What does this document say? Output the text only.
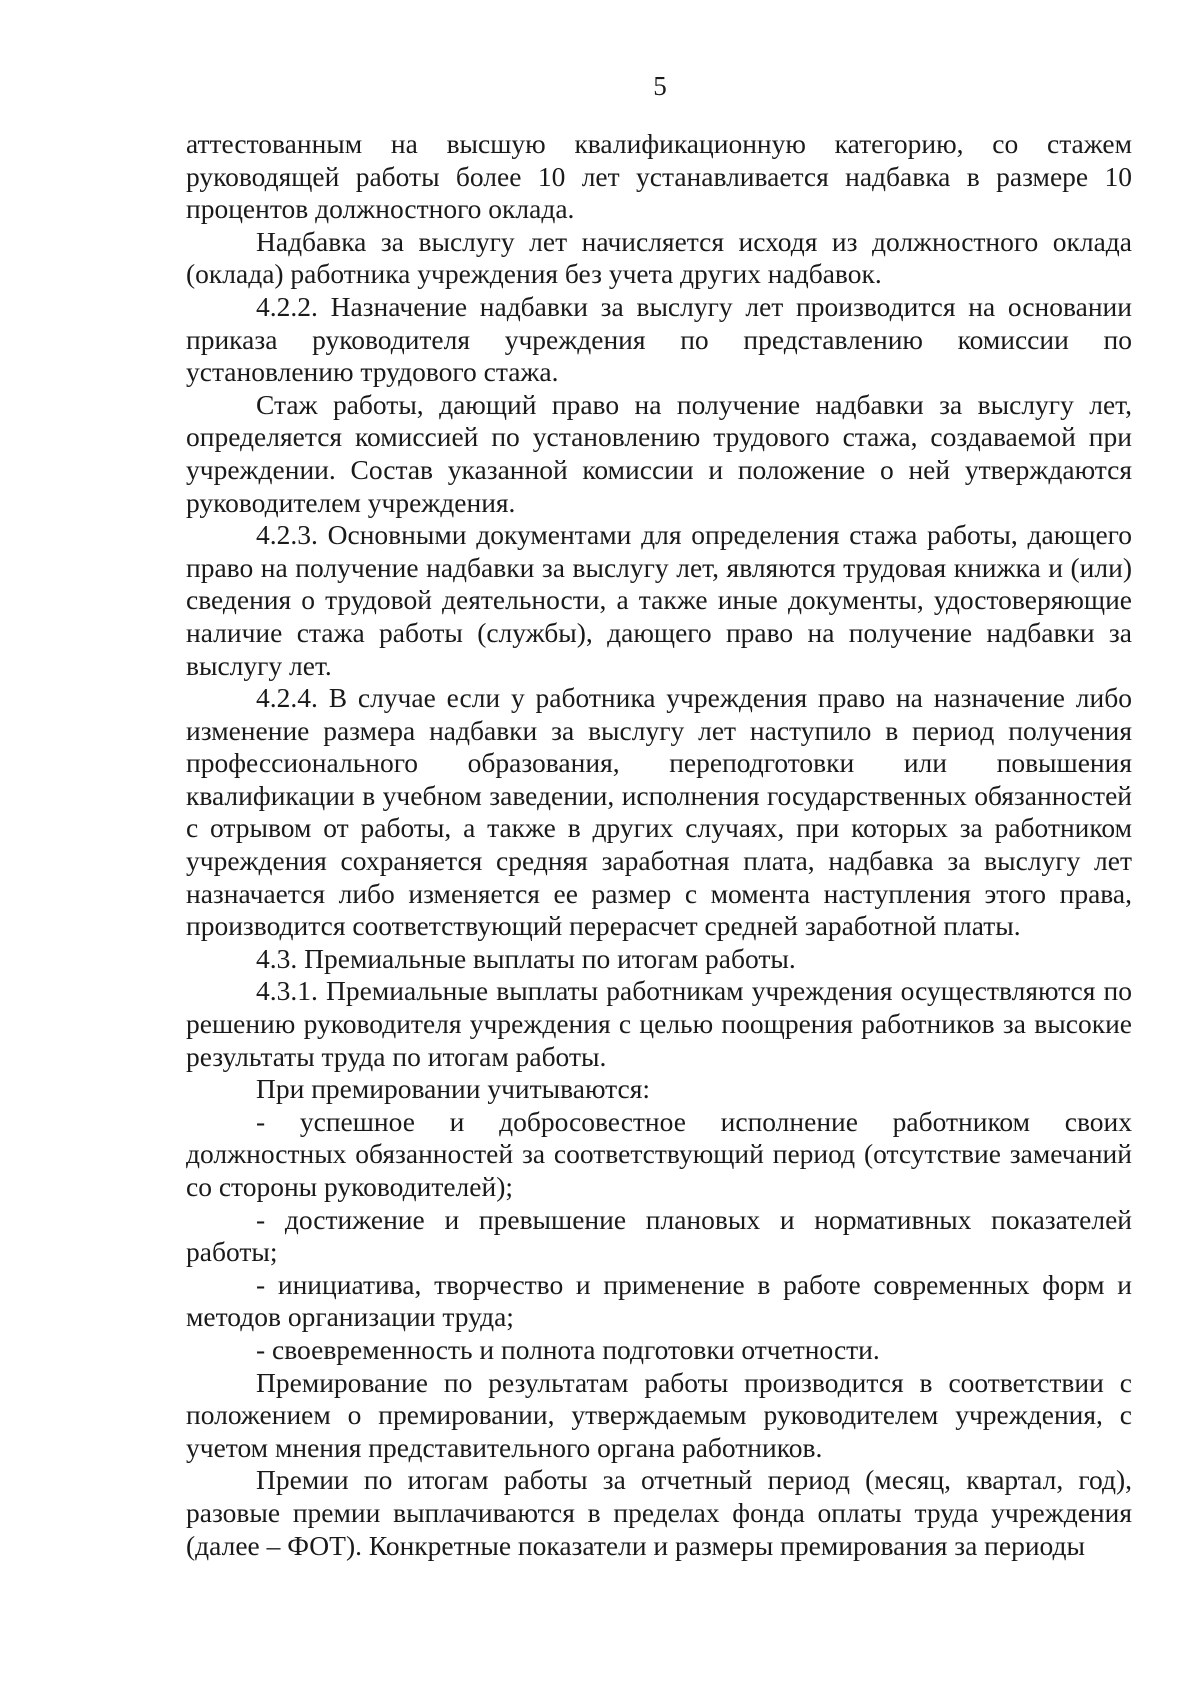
5

аттестованным на высшую квалификационную категорию, со стажем руководящей работы более 10 лет устанавливается надбавка в размере 10 процентов должностного оклада.

Надбавка за выслугу лет начисляется исходя из должностного оклада (оклада) работника учреждения без учета других надбавок.

4.2.2. Назначение надбавки за выслугу лет производится на основании приказа руководителя учреждения по представлению комиссии по установлению трудового стажа.

Стаж работы, дающий право на получение надбавки за выслугу лет, определяется комиссией по установлению трудового стажа, создаваемой при учреждении. Состав указанной комиссии и положение о ней утверждаются руководителем учреждения.

4.2.3. Основными документами для определения стажа работы, дающего право на получение надбавки за выслугу лет, являются трудовая книжка и (или) сведения о трудовой деятельности, а также иные документы, удостоверяющие наличие стажа работы (службы), дающего право на получение надбавки за выслугу лет.

4.2.4. В случае если у работника учреждения право на назначение либо изменение размера надбавки за выслугу лет наступило в период получения профессионального образования, переподготовки или повышения квалификации в учебном заведении, исполнения государственных обязанностей с отрывом от работы, а также в других случаях, при которых за работником учреждения сохраняется средняя заработная плата, надбавка за выслугу лет назначается либо изменяется ее размер с момента наступления этого права, производится соответствующий перерасчет средней заработной платы.

4.3. Премиальные выплаты по итогам работы.

4.3.1. Премиальные выплаты работникам учреждения осуществляются по решению руководителя учреждения с целью поощрения работников за высокие результаты труда по итогам работы.

При премировании учитываются:

- успешное и добросовестное исполнение работником своих должностных обязанностей за соответствующий период (отсутствие замечаний со стороны руководителей);

- достижение и превышение плановых и нормативных показателей работы;

- инициатива, творчество и применение в работе современных форм и методов организации труда;

- своевременность и полнота подготовки отчетности.

Премирование по результатам работы производится в соответствии с положением о премировании, утверждаемым руководителем учреждения, с учетом мнения представительного органа работников.

Премии по итогам работы за отчетный период (месяц, квартал, год), разовые премии выплачиваются в пределах фонда оплаты труда учреждения (далее – ФОТ). Конкретные показатели и размеры премирования за периоды
